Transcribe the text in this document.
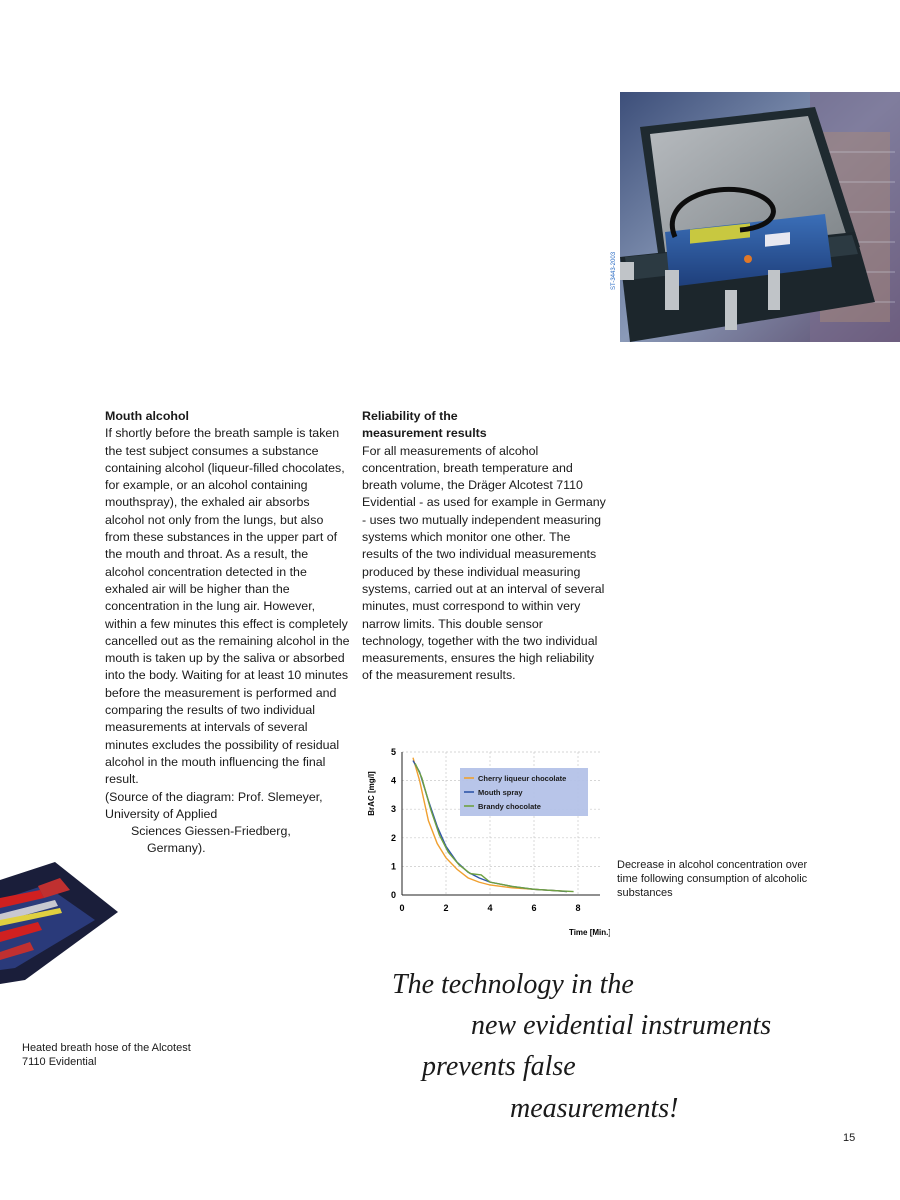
ST-3443-2003
Mouth alcohol

If shortly before the breath sample is taken the test subject consumes a substance containing alcohol (liqueur-filled chocolates, for example, or an alcohol containing mouthspray), the exhaled air absorbs alcohol not only from the lungs, but also from these substances in the upper part of the mouth and throat. As a result, the alcohol concentration detected in the exhaled air will be higher than the concentration in the lung air. However, within a few minutes this effect is completely cancelled out as the remaining alcohol in the mouth is taken up by the saliva or absorbed into the body. Waiting for at least 10 minutes before the measurement is performed and comparing the results of two individual measurements at intervals of several minutes excludes the possibility of residual alcohol in the mouth influencing the final result.

(Source of the diagram: Prof. Slemeyer, University of Applied
Sciences Giessen-Friedberg,
Germany).
Reliability of the measurement results

For all measurements of alcohol concentration, breath temperature and breath volume, the Dräger Alcotest 7110 Evidential - as used for example in Germany - uses two mutually independent measuring systems which monitor one other. The results of the two individual measurements produced by these individual measuring systems, carried out at an interval of several minutes, must correspond to within very narrow limits. This double sensor technology, together with the two individual measurements, ensures the high reliability of the measurement results.

0	2	4	6	8
0
1
2
3
4
5
Time [Min.]
BrAC [mg/l]	Cherry liqueur chocolate
Mouth spray
Brandy chocolate
Decrease in alcohol concentration over time following consumption of alcoholic substances
Heated breath hose of the Alcotest 7110 Evidential
The technology in the
new evidential instruments
prevents false
measurements!
15
